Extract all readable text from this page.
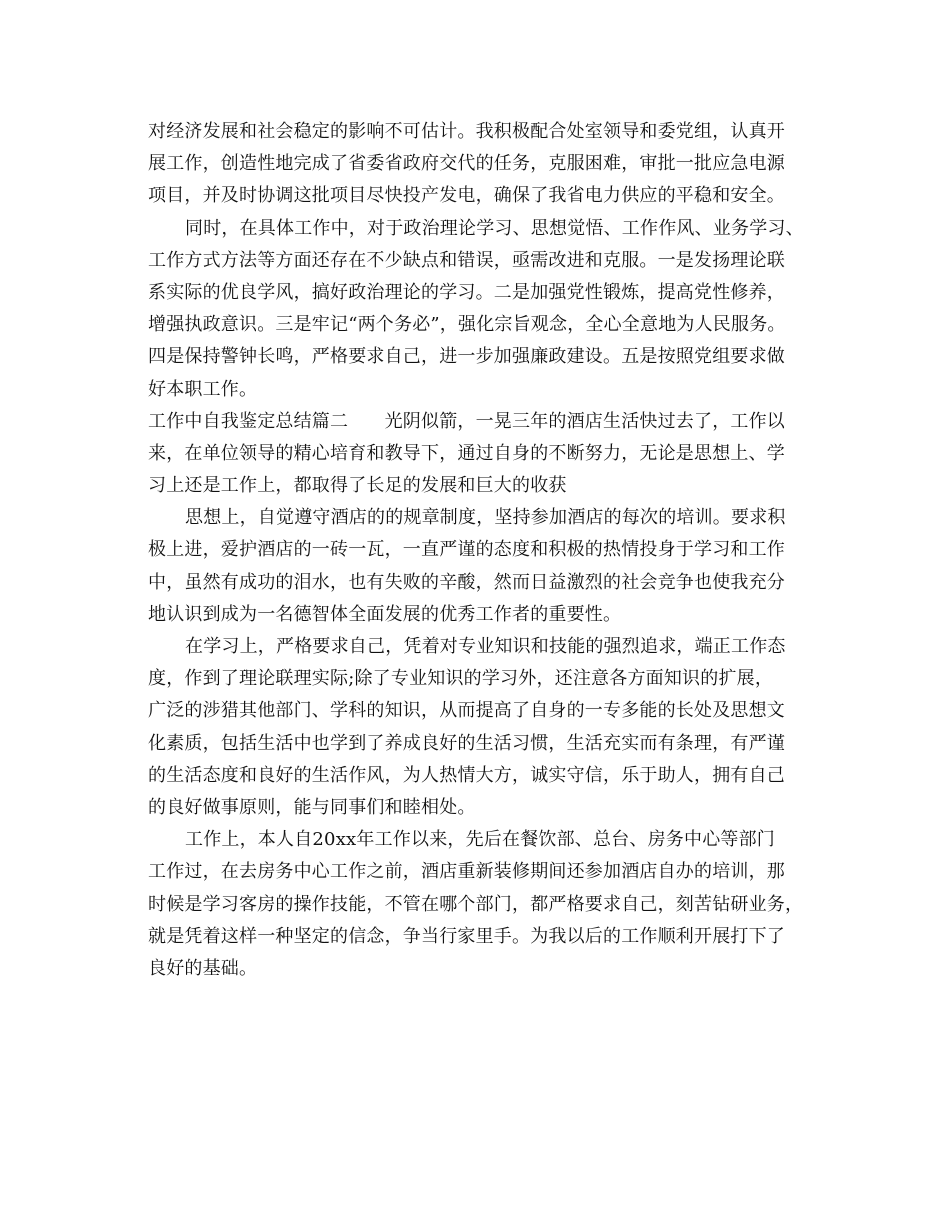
对经济发展和社会稳定的影响不可估计。我积极配合处室领导和委党组，认真开
展工作，创造性地完成了省委省政府交代的任务，克服困难，审批一批应急电源
项目，并及时协调这批项目尽快投产发电，确保了我省电力供应的平稳和安全。
同时，在具体工作中，对于政治理论学习、思想觉悟、工作作风、业务学习、
工作方式方法等方面还存在不少缺点和错误，亟需改进和克服。一是发扬理论联
系实际的优良学风，搞好政治理论的学习。二是加强党性锻炼，提高党性修养，
增强执政意识。三是牢记“两个务必”，强化宗旨观念，全心全意地为人民服务。
四是保持警钟长鸣，严格要求自己，进一步加强廉政建设。五是按照党组要求做
好本职工作。
工作中自我鉴定总结篇二　　光阴似箭，一晃三年的酒店生活快过去了，工作以
来，在单位领导的精心培育和教导下，通过自身的不断努力，无论是思想上、学
习上还是工作上，都取得了长足的发展和巨大的收获
思想上，自觉遵守酒店的的规章制度，坚持参加酒店的每次的培训。要求积
极上进，爱护酒店的一砖一瓦，一直严谨的态度和积极的热情投身于学习和工作
中，虽然有成功的泪水，也有失败的辛酸，然而日益激烈的社会竞争也使我充分
地认识到成为一名德智体全面发展的优秀工作者的重要性。
在学习上，严格要求自己，凭着对专业知识和技能的强烈追求，端正工作态
度，作到了理论联理实际;除了专业知识的学习外，还注意各方面知识的扩展，
广泛的涉猎其他部门、学科的知识，从而提高了自身的一专多能的长处及思想文
化素质，包括生活中也学到了养成良好的生活习惯，生活充实而有条理，有严谨
的生活态度和良好的生活作风，为人热情大方，诚实守信，乐于助人，拥有自己
的良好做事原则，能与同事们和睦相处。
工作上，本人自20xx年工作以来，先后在餐饮部、总台、房务中心等部门
工作过，在去房务中心工作之前，酒店重新装修期间还参加酒店自办的培训，那
时候是学习客房的操作技能，不管在哪个部门，都严格要求自己，刻苦钻研业务，
就是凭着这样一种坚定的信念，争当行家里手。为我以后的工作顺利开展打下了
良好的基础。
